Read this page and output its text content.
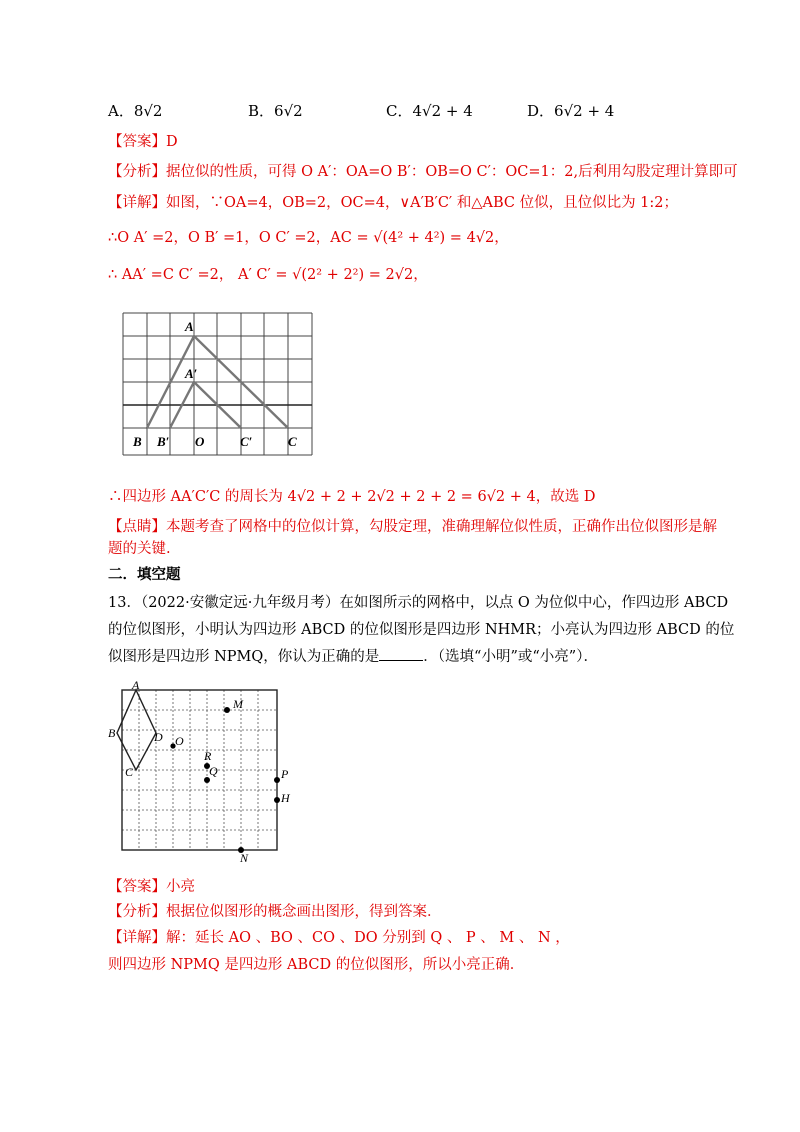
A．8√2	B．6√2	C．4√2 + 4	D．6√2 + 4
【答案】D
【分析】据位似的性质，可得 O A′：OA=O B′：OB=O C′：OC=1：2,后利用勾股定理计算即可
【详解】如图，∵OA=4，OB=2，OC=4，∨A′B′C′ 和△ABC 位似，且位似比为 1:2；
∴O A′ =2，O B′ =1，O C′ =2，AC = √(4² + 4²) = 4√2，
∴ AA′ =C C′ =2， A′ C′ = √(2² + 2²) = 2√2，
A
A′
B B′ O	C′	C
∴四边形 AA′C′C 的周长为 4√2 + 2 + 2√2 + 2 + 2 = 6√2 + 4，故选 D
【点睛】本题考查了网格中的位似计算，勾股定理，准确理解位似性质，正确作出位似图形是解
题的关键.
二．填空题
13．（2022·安徽定远·九年级月考）在如图所示的网格中，以点 O 为位似中心，作四边形 ABCD
的位似图形，小明认为四边形 ABCD 的位似图形是四边形 NHMR；小亮认为四边形 ABCD 的位
似图形是四边形 NPMQ，你认为正确的是	．（选填“小明”或“小亮”）．
A
B
C
D O
M
R
Q	P
H
N
【答案】小亮
【分析】根据位似图形的概念画出图形，得到答案．
【详解】解：延长 AO 、BO 、CO 、DO 分别到 Q 、 P 、 M 、 N ，
则四边形 NPMQ 是四边形 ABCD 的位似图形，所以小亮正确．
